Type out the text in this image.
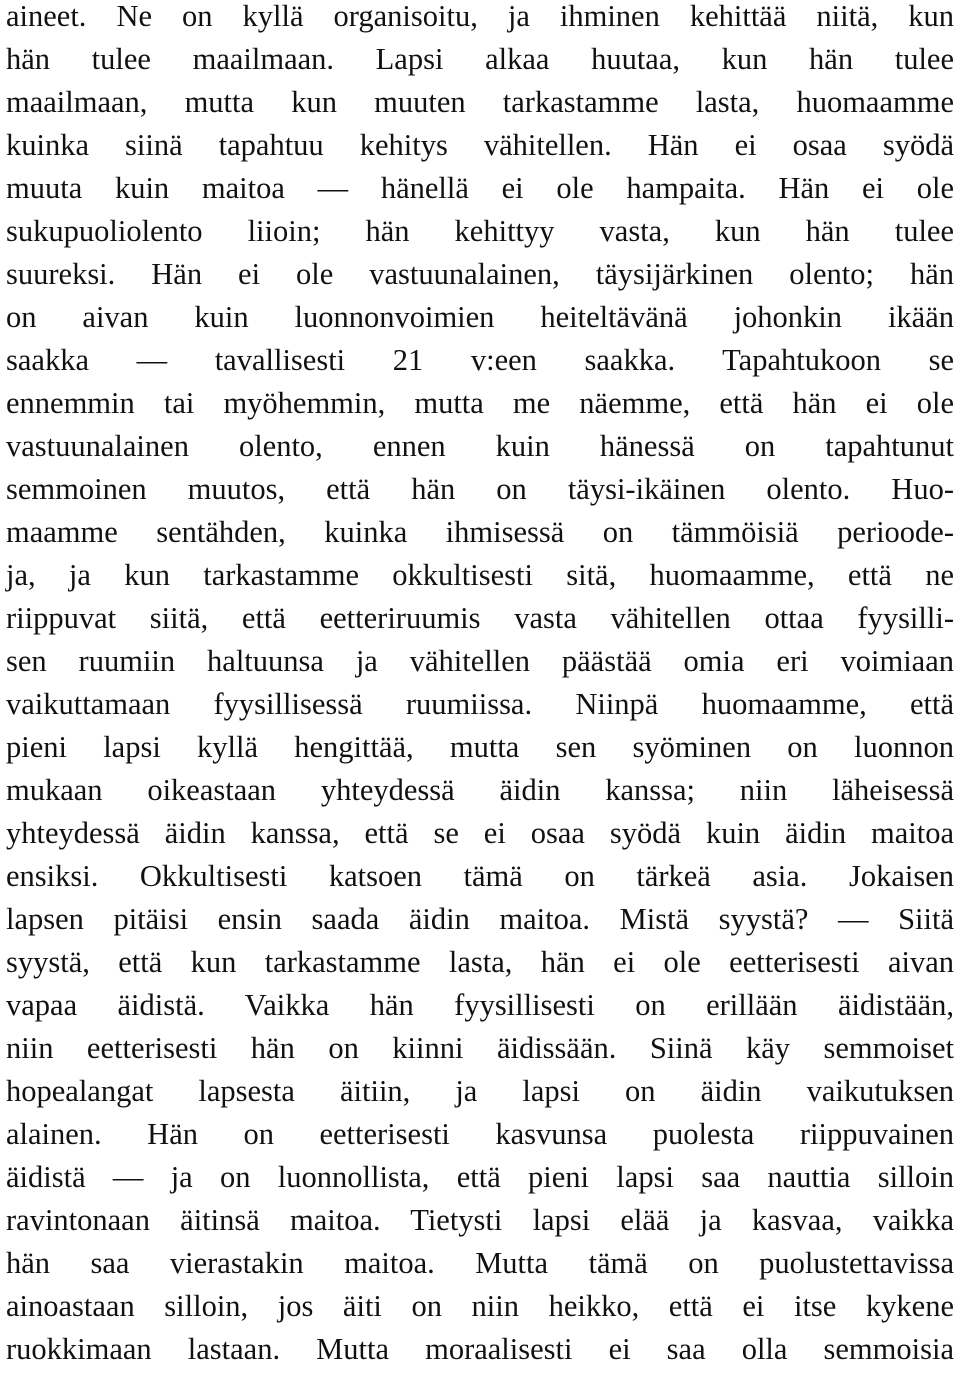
aineet. Ne on kyllä organisoitu, ja ihminen kehittää niitä, kun
hän tulee maailmaan. Lapsi alkaa huutaa, kun hän tulee
maailmaan, mutta kun muuten tarkastamme lasta, huomaamme
kuinka siinä tapahtuu kehitys vähitellen. Hän ei osaa syödä
muuta kuin maitoa — hänellä ei ole hampaita. Hän ei ole
sukupuoliolento liioin; hän kehittyy vasta, kun hän tulee
suureksi. Hän ei ole vastuunalainen, täysijärkinen olento; hän
on aivan kuin luonnonvoimien heiteltävänä johonkin ikään
saakka — tavallisesti 21 v:een saakka. Tapahtukoon se
ennemmin tai myöhemmin, mutta me näemme, että hän ei ole
vastuunalainen olento, ennen kuin hänessä on tapahtunut
semmoinen muutos, että hän on täysi-ikäinen olento. Huo-
maamme sentähden, kuinka ihmisessä on tämmöisiä perioode-
ja, ja kun tarkastamme okkultisesti sitä, huomaamme, että ne
riippuvat siitä, että eetteriruumis vasta vähitellen ottaa fyysilli-
sen ruumiin haltuunsa ja vähitellen päästää omia eri voimiaan
vaikuttamaan fyysillisessä ruumiissa. Niinpä huomaamme, että
pieni lapsi kyllä hengittää, mutta sen syöminen on luonnon
mukaan oikeastaan yhteydessä äidin kanssa; niin läheisessä
yhteydessä äidin kanssa, että se ei osaa syödä kuin äidin maitoa
ensiksi. Okkultisesti katsoen tämä on tärkeä asia. Jokaisen
lapsen pitäisi ensin saada äidin maitoa. Mistä syystä? — Siitä
syystä, että kun tarkastamme lasta, hän ei ole eetterisesti aivan
vapaa äidistä. Vaikka hän fyysillisesti on erillään äidistään,
niin eetterisesti hän on kiinni äidissään. Siinä käy semmoiset
hopealangat lapsesta äitiin, ja lapsi on äidin vaikutuksen
alainen. Hän on eetterisesti kasvunsa puolesta riippuvainen
äidistä — ja on luonnollista, että pieni lapsi saa nauttia silloin
ravintonaan äitinsä maitoa. Tietysti lapsi elää ja kasvaa, vaikka
hän saa vierastakin maitoa. Mutta tämä on puolustettavissa
ainoastaan silloin, jos äiti on niin heikko, että ei itse kykene
ruokkimaan lastaan. Mutta moraalisesti ei saa olla semmoisia
